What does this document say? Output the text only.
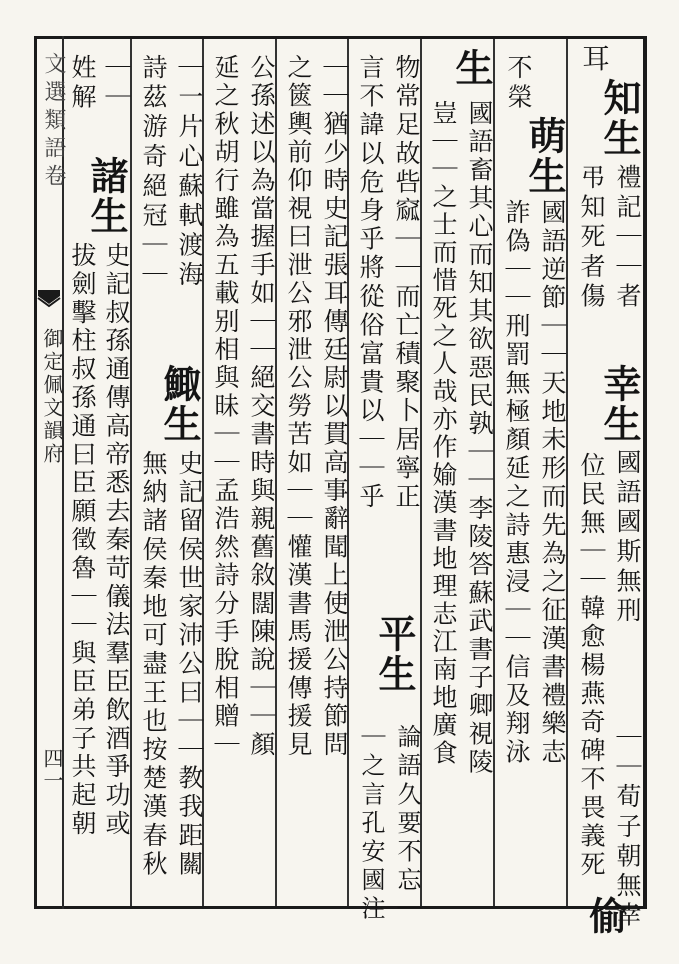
文選類語卷
御定佩文韻府
四一
耳
知生
禮記｜｜者
弔知死者傷
幸生
國語國斯無刑
位民無｜｜韓愈楊燕奇碑不畏義死 ｜｜荀子朝無幸
偷
不榮
萌生
國語逆節｜｜天地未形而先為之征漢書禮樂志
詐偽｜｜刑罰無極顏延之詩惠浸｜｜信及翔泳
生
國語畜其心而知其欲惡民孰｜｜李陵答蘇武書子卿視陵
豈｜｜之士而惜死之人哉亦作媮漢書地理志江南地廣食
物常足故呰窳｜｜而亡積聚卜居寧正
言不諱以危身乎將從俗富貴以｜｜乎
平生
論語久要不忘｜
｜之言孔安國注
｜｜猶少時史記張耳傳廷尉以貫高事辭聞上使泄公持節問
之篋輿前仰視曰泄公邪泄公勞苦如｜｜懽漢書馬援傳援見
公孫述以為當握手如｜｜絕交書時與親舊敘闊陳說｜｜顏
延之秋胡行雖為五載别相與昧｜｜孟浩然詩分手脫相贈｜
｜一片心蘇軾渡海
鯫生
史記留侯世家沛公曰｜｜教我距關
詩茲游奇絕冠｜｜
無納諸侯秦地可盡王也按楚漢春秋
｜｜
姓解
諸生
史記叔孫通傳高帝悉去秦苛儀法羣臣飲酒爭功或
拔劍擊柱叔孫通曰臣願徵魯｜｜與臣弟子共起朝
